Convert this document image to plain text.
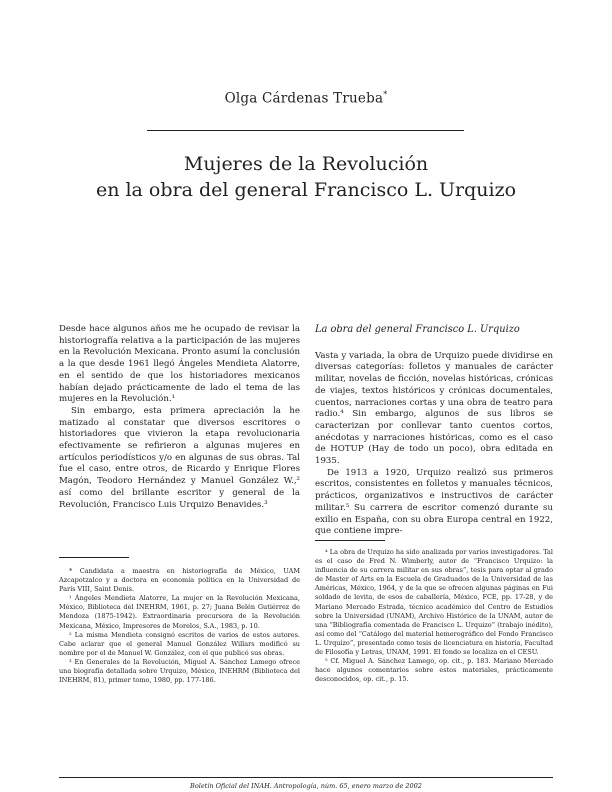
Olga Cárdenas Trueba*
Mujeres de la Revolución
en la obra del general Francisco L. Urquizo

Desde hace algunos años me he ocupado de revisar la historiografía relativa a la participación de las mujeres en la Revolución Mexicana. Pronto asumí la conclusión a la que desde 1961 llegó Ángeles Mendieta Alatorre, en el sentido de que los historiadores mexicanos habían dejado prácticamente de lado el tema de las mujeres en la Revolución.¹

Sin embargo, esta primera apreciación la he matizado al constatar que diversos escritores o historiadores que vivieron la etapa revolucionaria efectivamente se refirieron a algunas mujeres en artículos periodísticos y/o en algunas de sus obras. Tal fue el caso, entre otros, de Ricardo y Enrique Flores Magón, Teodoro Hernández y Manuel González W.,² así como del brillante escritor y general de la Revolución, Francisco Luis Urquizo Benavides.³

La obra del general Francisco L. Urquizo

Vasta y variada, la obra de Urquizo puede dividirse en diversas categorías: folletos y manuales de carácter militar, novelas de ficción, novelas históricas, crónicas de viajes, textos históricos y crónicas documentales, cuentos, narraciones cortas y una obra de teatro para radio.⁴ Sin embargo, algunos de sus libros se caracterizan por conllevar tanto cuentos cortos, anécdotas y narraciones históricas, como es el caso de HOTUP (Hay de todo un poco), obra editada en 1935.

De 1913 a 1920, Urquizo realizó sus primeros escritos, consistentes en folletos y manuales técnicos, prácticos, organizativos e instructivos de carácter militar.⁵ Su carrera de escritor comenzó durante su exilio en España, con su obra Europa central en 1922, que contiene impre-

* Candidata a maestra en historiografía de México, UAM Azcapotzalco y a doctora en economía política en la Universidad de París VIII, Saint Denis.

¹ Ángeles Mendieta Alatorre, La mujer en la Revolución Mexicana, México, Biblioteca del INEHRM, 1961, p. 27; Juana Belén Gutiérrez de Mendoza (1875-1942). Extraordinaria precursora de la Revolución Mexicana, México, Impresores de Morelos, S.A., 1983, p. 10.

² La misma Mendieta consignó escritos de varios de estos autores. Cabe aclarar que el general Manuel González Willars modificó su nombre por el de Manuel W. González, con el que publicó sus obras.

³ En Generales de la Revolución, Miguel A. Sánchez Lamego ofrece una biografía detallada sobre Urquizo, México, INEHRM (Biblioteca del INEHRM, 81), primer tomo, 1980, pp. 177-186.

⁴ La obra de Urquizo ha sido analizada por varios investigadores. Tal es el caso de Fred N. Wimberly, autor de “Francisco Urquizo: la influencia de su carrera militar en sus obras”, tesis para optar al grado de Master of Arts en la Escuela de Graduados de la Universidad de las Américas, México, 1964, y de la que se ofrecen algunas páginas en Fui soldado de levita, de esos de caballería, México, FCE, pp. 17-28, y de Mariano Mercado Estrada, técnico académico del Centro de Estudios sobre la Universidad (UNAM), Archivo Histórico de la UNAM, autor de una “Bibliografía comentada de Francisco L. Urquizo” (trabajo inédito), así como del “Catálogo del material hemerográfico del Fondo Francisco L. Urquizo”, presentado como tesis de licenciatura en historia, Facultad de Filosofía y Letras, UNAM, 1991. El fondo se localiza en el CESU.

⁵ Cf. Miguel A. Sánchez Lamego, op. cit., p. 183. Mariano Mercado hace algunos comentarios sobre estos materiales, prácticamente desconocidos, op. cit., p. 15.

Boletín Oficial del INAH. Antropología, núm. 65, enero marzo de 2002
